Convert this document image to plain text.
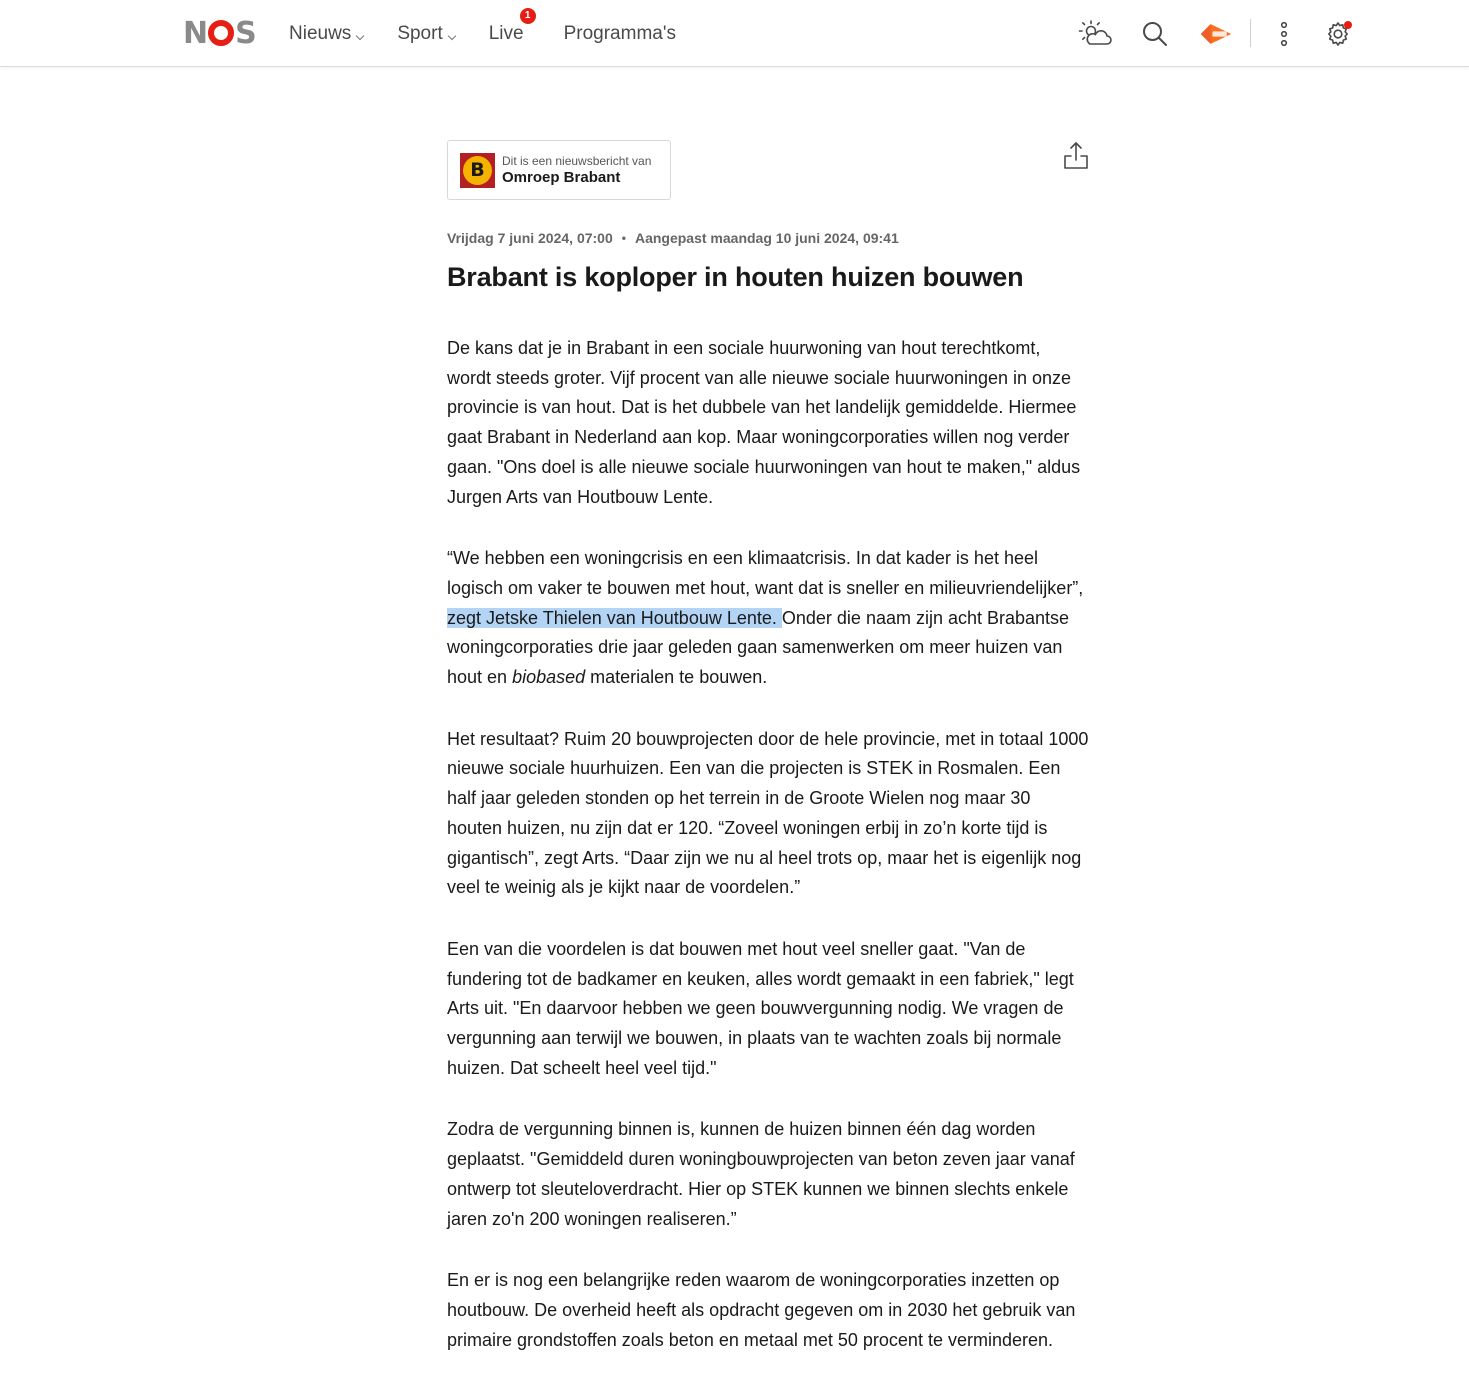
N S Nieuws Sport Live
1
Programma's
B	Dit is een nieuwsbericht van
Omroep Brabant
Vrijdag 7 juni 2024, 07:00 • Aangepast maandag 10 juni 2024, 09:41
Brabant is koploper in houten huizen bouwen

De kans dat je in Brabant in een sociale huurwoning van hout terechtkomt, wordt steeds groter. Vijf procent van alle nieuwe sociale huurwoningen in onze provincie is van hout. Dat is het dubbele van het landelijk gemiddelde. Hiermee gaat Brabant in Nederland aan kop. Maar woningcorporaties willen nog verder gaan. "Ons doel is alle nieuwe sociale huurwoningen van hout te maken," aldus Jurgen Arts van Houtbouw Lente.

“We hebben een woningcrisis en een klimaatcrisis. In dat kader is het heel logisch om vaker te bouwen met hout, want dat is sneller en milieuvriendelijker”, zegt Jetske Thielen van Houtbouw Lente. Onder die naam zijn acht Brabantse woningcorporaties drie jaar geleden gaan samenwerken om meer huizen van hout en biobased materialen te bouwen.

Het resultaat? Ruim 20 bouwprojecten door de hele provincie, met in totaal 1000 nieuwe sociale huurhuizen. Een van die projecten is STEK in Rosmalen. Een half jaar geleden stonden op het terrein in de Groote Wielen nog maar 30 houten huizen, nu zijn dat er 120. “Zoveel woningen erbij in zo’n korte tijd is gigantisch”, zegt Arts. “Daar zijn we nu al heel trots op, maar het is eigenlijk nog veel te weinig als je kijkt naar de voordelen.”

Een van die voordelen is dat bouwen met hout veel sneller gaat. "Van de fundering tot de badkamer en keuken, alles wordt gemaakt in een fabriek," legt Arts uit. "En daarvoor hebben we geen bouwvergunning nodig. We vragen de vergunning aan terwijl we bouwen, in plaats van te wachten zoals bij normale huizen. Dat scheelt heel veel tijd."

Zodra de vergunning binnen is, kunnen de huizen binnen één dag worden geplaatst. "Gemiddeld duren woningbouwprojecten van beton zeven jaar vanaf ontwerp tot sleuteloverdracht. Hier op STEK kunnen we binnen slechts enkele jaren zo'n 200 woningen realiseren.”

En er is nog een belangrijke reden waarom de woningcorporaties inzetten op houtbouw. De overheid heeft als opdracht gegeven om in 2030 het gebruik van primaire grondstoffen zoals beton en metaal met 50 procent te verminderen.
